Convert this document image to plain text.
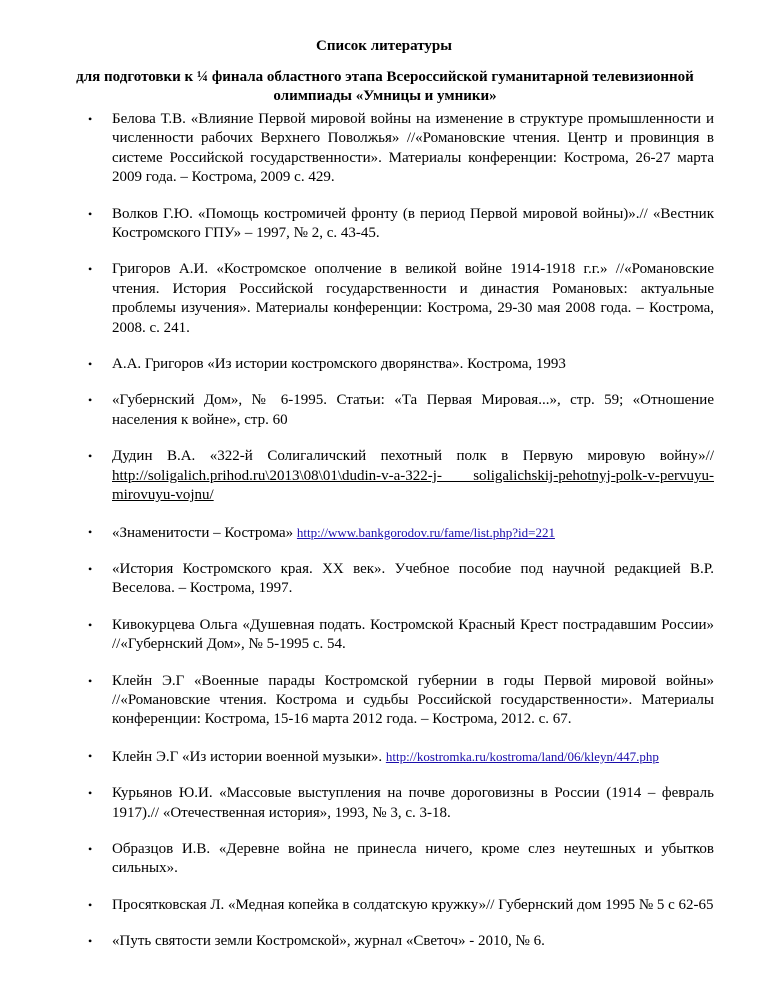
Список литературы
для подготовки к ¼ финала областного этапа Всероссийской гуманитарной телевизионной олимпиады «Умницы и умники»
• Белова Т.В. «Влияние Первой мировой войны на изменение в структуре промышленности и численности рабочих Верхнего Поволжья» //«Романовские чтения. Центр и провинция в системе Российской государственности». Материалы конференции: Кострома, 26-27 марта 2009 года. – Кострома, 2009 с. 429.
• Волков Г.Ю. «Помощь костромичей фронту (в период Первой мировой войны)».// «Вестник Костромского ГПУ» – 1997, № 2, с. 43-45.
• Григоров А.И. «Костромское ополчение в великой войне 1914-1918 г.г.» //«Романовские чтения. История Российской государственности и династия Романовых: актуальные проблемы изучения». Материалы конференции: Кострома, 29-30 мая 2008 года. – Кострома, 2008. с. 241.
• А.А. Григоров «Из истории костромского дворянства». Кострома, 1993
• «Губернский Дом», № 6-1995. Статьи: «Та Первая Мировая...», стр. 59; «Отношение населения к войне», стр. 60
• Дудин В.А. «322-й Солигаличский пехотный полк в Первую мировую войну»// http://soligalich.prihod.ru\2013\08\01\dudin-v-a-322-j- soligalichskij-pehotnyj-polk-v-pervuyu-mirovuyu-vojnu/
• «Знаменитости – Кострома» http://www.bankgorodov.ru/fame/list.php?id=221
• «История Костромского края. XX век». Учебное пособие под научной редакцией В.Р. Веселова. – Кострома, 1997.
• Кивокурцева Ольга «Душевная подать. Костромской Красный Крест пострадавшим России» //«Губернский Дом», № 5-1995 с. 54.
• Клейн Э.Г «Военные парады Костромской губернии в годы Первой мировой войны» //«Романовские чтения. Кострома и судьбы Российской государственности». Материалы конференции: Кострома, 15-16 марта 2012 года. – Кострома, 2012. с. 67.
• Клейн Э.Г «Из истории военной музыки». http://kostromka.ru/kostroma/land/06/kleyn/447.php
• Курьянов Ю.И. «Массовые выступления на почве дороговизны в России (1914 – февраль 1917).// «Отечественная история», 1993, № 3, с. 3-18.
• Образцов И.В. «Деревне война не принесла ничего, кроме слез неутешных и убытков сильных».
• Просятковская Л. «Медная копейка в солдатскую кружку»// Губернский дом 1995 № 5 с 62-65
• «Путь святости земли Костромской», журнал «Светоч» - 2010, № 6.
